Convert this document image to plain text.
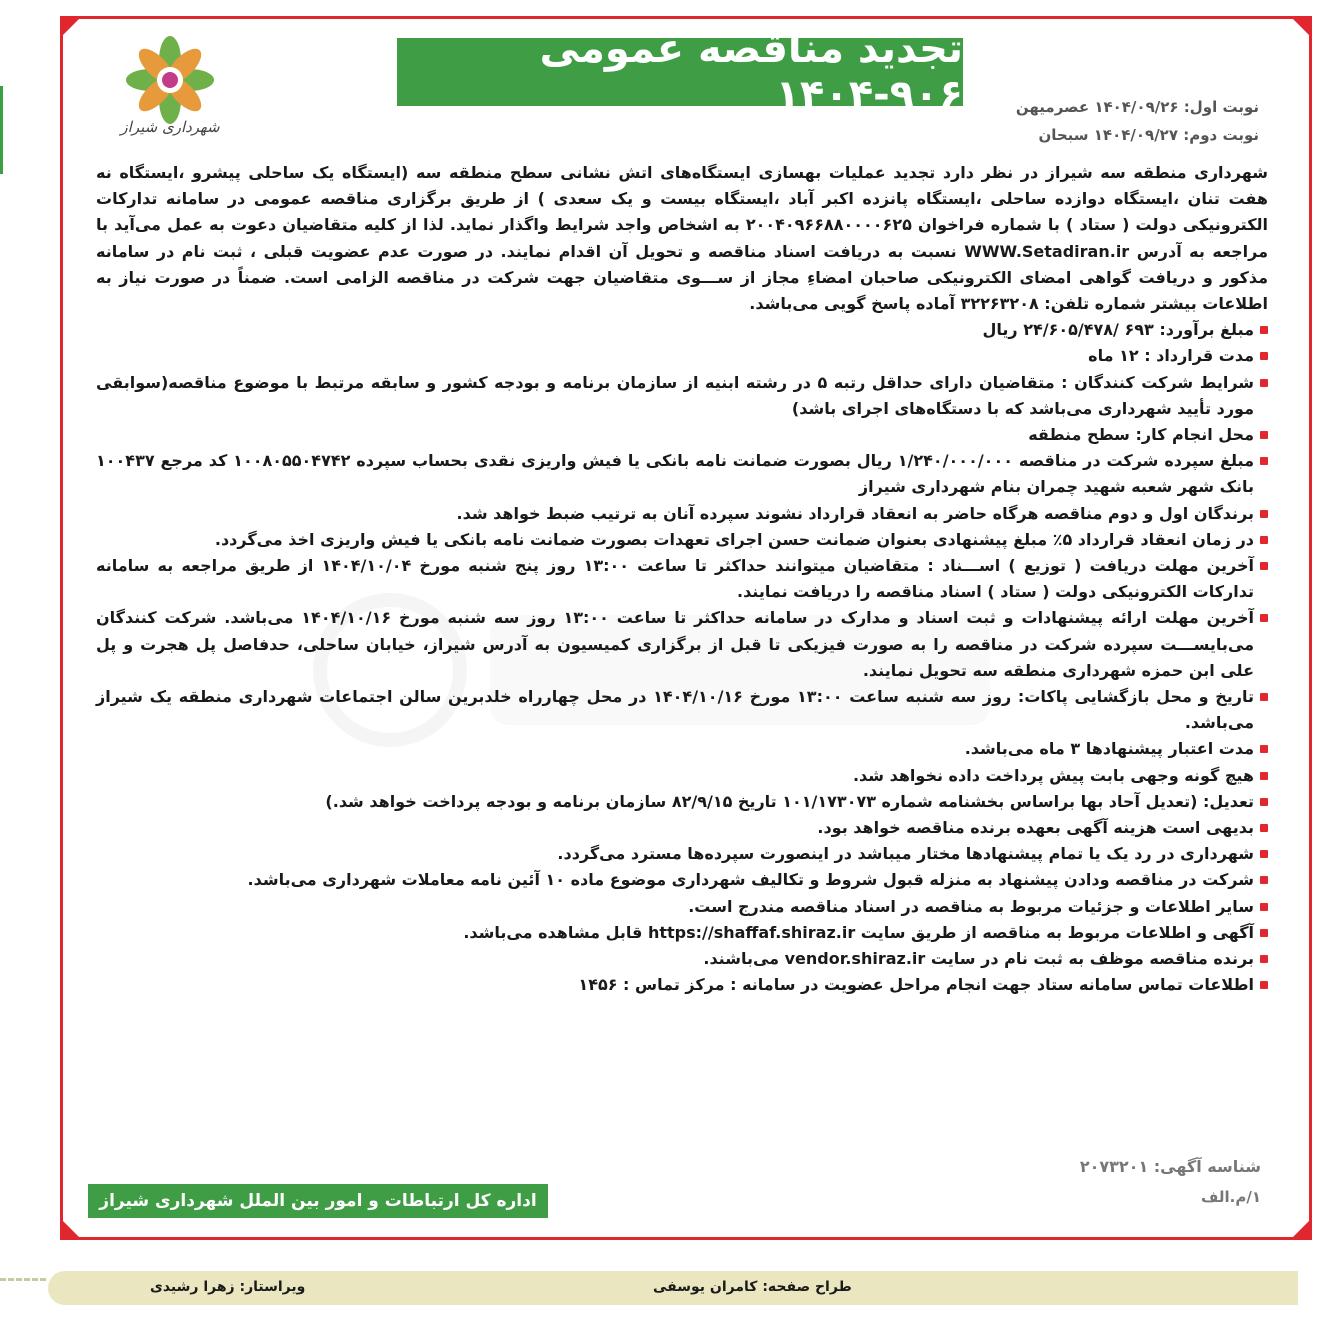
شهرداری شیراز
تجدید مناقصه عمومی ۹۰۶-۱۴۰۴	نوبت اول: ۱۴۰۴/۰۹/۲۶ عصرمیهن
نوبت دوم: ۱۴۰۴/۰۹/۲۷ سبحان

شهرداری منطقه سه شیراز در نظر دارد تجدید عملیات بهسازی ایستگاه‌های اتش نشانی سطح منطقه سه (ایستگاه یک ساحلی پیشرو ،ایستگاه نه هفت تنان ،ایستگاه دوازده ساحلی ،ایستگاه پانزده اکبر آباد ،ایستگاه بیست و یک سعدی ) از طریق برگزاری مناقصه عمومی در سامانه تدارکات الکترونیکی دولت ( ستاد ) با شماره فراخوان ۲۰۰۴۰۹۶۶۸۸۰۰۰۰۶۲۵ به اشخاص واجد شرایط واگذار نماید. لذا از کلیه متقاضیان دعوت به عمل می‌آید با مراجعه به آدرس WWW.Setadiran.ir نسبت به دریافت اسناد مناقصه و تحویل آن اقدام نمایند. در صورت عدم عضویت قبلی ، ثبت نام در سامانه مذکور و دریافت گواهی امضای الکترونیکی صاحبان امضاءِ مجاز از ســـوی متقاضیان جهت شرکت در مناقصه الزامی است. ضمناً در صورت نیاز به اطلاعات بیشتر شماره تلفن: ۳۲۲۶۳۲۰۸ آماده پاسخ گویی می‌باشد.

مبلغ برآورد: ۶۹۳ /۲۴/۶۰۵/۴۷۸ ریال
مدت قرارداد : ۱۲ ماه
شرایط شرکت کنندگان : متقاضیان دارای حداقل رتبه ۵ در رشته ابنیه از سازمان برنامه و بودجه کشور و سابقه مرتبط با موضوع مناقصه(سوابقی مورد تأیید شهرداری می‌باشد که با دستگاه‌های اجرای باشد)
محل انجام کار: سطح منطقه
مبلغ سپرده شرکت در مناقصه ۱/۲۴۰/۰۰۰/۰۰۰ ریال بصورت ضمانت نامه بانکی یا فیش واریزی نقدی بحساب سپرده ۱۰۰۸۰۵۵۰۴۷۴۲ کد مرجع ۱۰۰۴۳۷ بانک شهر شعبه شهید چمران بنام شهرداری شیراز
برندگان اول و دوم مناقصه هرگاه حاضر به انعقاد قرارداد نشوند سپرده آنان به ترتیب ضبط خواهد شد.
در زمان انعقاد قرارداد ۵٪ مبلغ پیشنهادی بعنوان ضمانت حسن اجرای تعهدات بصورت ضمانت نامه بانکی یا فیش واریزی اخذ می‌گردد.
آخرین مهلت دریافت ( توزیع ) اســـناد : متقاضیان میتوانند حداکثر تا ساعت ۱۳:۰۰ روز پنج شنبه مورخ ۱۴۰۴/۱۰/۰۴ از طریق مراجعه به سامانه تدارکات الکترونیکی دولت ( ستاد ) اسناد مناقصه را دریافت نمایند.
آخرین مهلت ارائه پیشنهادات و ثبت اسناد و مدارک در سامانه حداکثر تا ساعت ۱۳:۰۰ روز سه شنبه مورخ ۱۴۰۴/۱۰/۱۶ می‌باشد. شرکت کنندگان می‌بایســـت سپرده شرکت در مناقصه را به صورت فیزیکی تا قبل از برگزاری کمیسیون به آدرس شیراز، خیابان ساحلی، حدفاصل پل هجرت و پل علی ابن حمزه شهرداری منطقه سه تحویل نمایند.
تاریخ و محل بازگشایی پاکات: روز سه شنبه ساعت ۱۳:۰۰ مورخ ۱۴۰۴/۱۰/۱۶ در محل چهارراه خلدبرین سالن اجتماعات شهرداری منطقه یک شیراز می‌باشد.
مدت اعتبار پیشنهادها ۳ ماه می‌باشد.
هیچ گونه وجهی بابت پیش پرداخت داده نخواهد شد.
تعدیل: (تعدیل آحاد بها براساس بخشنامه شماره ۱۰۱/۱۷۳۰۷۳ تاریخ ۸۲/۹/۱۵ سازمان برنامه و بودجه پرداخت خواهد شد.)
بدیهی است هزینه آگهی بعهده برنده مناقصه خواهد بود.
شهرداری در رد یک یا تمام پیشنهادها مختار میباشد در اینصورت سپرده‌ها مسترد می‌گردد.
شرکت در مناقصه ودادن پیشنهاد به منزله قبول شروط و تکالیف شهرداری موضوع ماده ۱۰ آئین نامه معاملات شهرداری می‌باشد.
سایر اطلاعات و جزئیات مربوط به مناقصه در اسناد مناقصه مندرج است.
آگهی و اطلاعات مربوط به مناقصه از طریق سایت https://shaffaf.shiraz.ir قابل مشاهده می‌باشد.
برنده مناقصه موظف به ثبت نام در سایت vendor.shiraz.ir می‌باشند.
اطلاعات تماس سامانه ستاد جهت انجام مراحل عضویت در سامانه : مرکز تماس : ۱۴۵۶
شناسه آگهی: ۲۰۷۳۲۰۱
۱/م.الف
اداره کل ارتباطات و امور بین الملل شهرداری شیراز
طراح صفحه: کامران یوسفی
ویراستار: زهرا رشیدی
